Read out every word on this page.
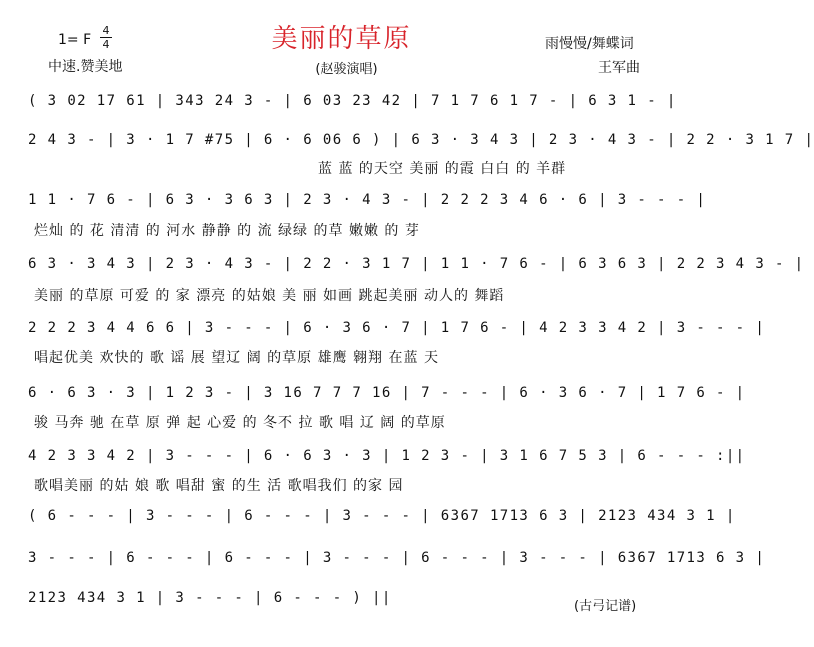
美丽的草原
1= F
4
4
中速.赞美地	(赵骏演唱)
雨慢慢/舞蝶词
王军曲
( 3 02 17 61 | 343 24 3 - | 6 03 23 42 | 7 1 7 6 1 7 - | 6 3 1 - |
2 4 3 - | 3 · 1 7 #75 | 6 · 6 06 6 ) | 6 3 · 3 4 3 | 2 3 · 4 3 - | 2 2 · 3 1 7 |
蓝 蓝 的天空 美丽 的霞 白白 的 羊群
1 1 · 7 6 - | 6 3 · 3 6 3 | 2 3 · 4 3 - | 2 2 2 3 4 6 · 6 | 3 - - - |
烂灿 的 花 清清 的 河水 静静 的 流 绿绿 的草 嫩嫩 的 芽
6 3 · 3 4 3 | 2 3 · 4 3 - | 2 2 · 3 1 7 | 1 1 · 7 6 - | 6 3 6 3 | 2 2 3 4 3 - |
美丽 的草原 可爱 的 家 漂亮 的姑娘 美 丽 如画 跳起美丽 动人的 舞蹈
2 2 2 3 4 4 6 6 | 3 - - - | 6 · 3 6 · 7 | 1 7 6 - | 4 2 3 3 4 2 | 3 - - - |
唱起优美 欢快的 歌 谣 展 望辽 阔 的草原 雄鹰 翱翔 在蓝 天
6 · 6 3 · 3 | 1 2 3 - | 3 16 7 7 7 16 | 7 - - - | 6 · 3 6 · 7 | 1 7 6 - |
骏 马奔 驰 在草 原 弹 起 心爱 的 冬不 拉 歌 唱 辽 阔 的草原
4 2 3 3 4 2 | 3 - - - | 6 · 6 3 · 3 | 1 2 3 - | 3 1 6 7 5 3 | 6 - - - :||
歌唱美丽 的姑 娘 歌 唱甜 蜜 的生 活 歌唱我们 的家 园
( 6 - - - | 3 - - - | 6 - - - | 3 - - - | 6367 1713 6 3 | 2123 434 3 1 |
3 - - - | 6 - - - | 6 - - - | 3 - - - | 6 - - - | 3 - - - | 6367 1713 6 3 |
2123 434 3 1 | 3 - - - | 6 - - - ) ||
(古弓记谱)
